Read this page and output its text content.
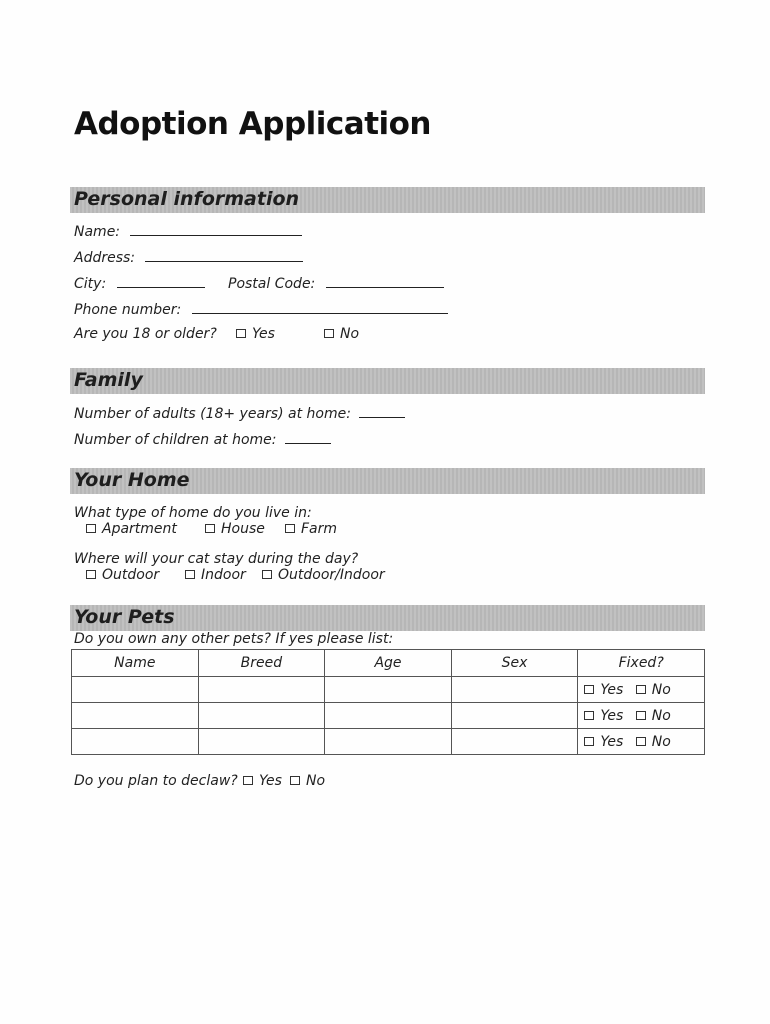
Adoption Application
Personal information
Name:
Address:
City:	Postal Code:
Phone number:
Are you 18 or older?	Yes	No
Family
Number of adults (18+ years) at home:
Number of children at home:
Your Home
What type of home do you live in:
Apartment	House	Farm
Where will your cat stay during the day?
Outdoor	Indoor	Outdoor/Indoor
Your Pets
Do you own any other pets? If yes please list:
Name	Breed	Age	Sex	Fixed?
				Yes No
				Yes No
				Yes No
Do you plan to declaw?	Yes	No
